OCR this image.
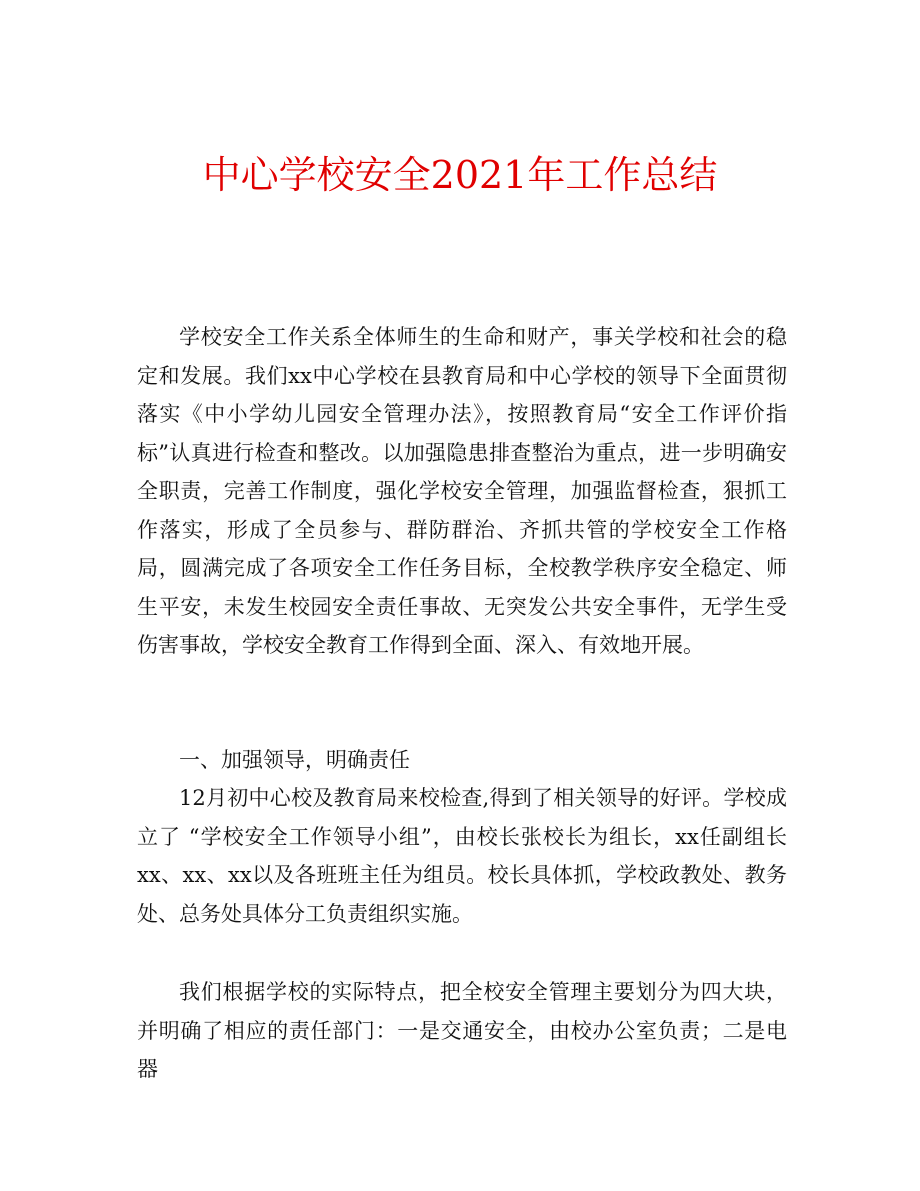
中心学校安全2021年工作总结

学校安全工作关系全体师生的生命和财产，事关学校和社会的稳定和发展。我们xx中心学校在县教育局和中心学校的领导下全面贯彻落实《中小学幼儿园安全管理办法》，按照教育局“安全工作评价指标”认真进行检查和整改。以加强隐患排查整治为重点，进一步明确安全职责，完善工作制度，强化学校安全管理，加强监督检查，狠抓工作落实，形成了全员参与、群防群治、齐抓共管的学校安全工作格局，圆满完成了各项安全工作任务目标，全校教学秩序安全稳定、师生平安，未发生校园安全责任事故、无突发公共安全事件，无学生受伤害事故，学校安全教育工作得到全面、深入、有效地开展。

一、加强领导，明确责任

12月初中心校及教育局来校检查,得到了相关领导的好评。学校成立了 “学校安全工作领导小组”，由校长张校长为组长，xx任副组长xx、xx、xx以及各班班主任为组员。校长具体抓，学校政教处、教务处、总务处具体分工负责组织实施。

我们根据学校的实际特点，把全校安全管理主要划分为四大块，并明确了相应的责任部门：一是交通安全，由校办公室负责；二是电器
